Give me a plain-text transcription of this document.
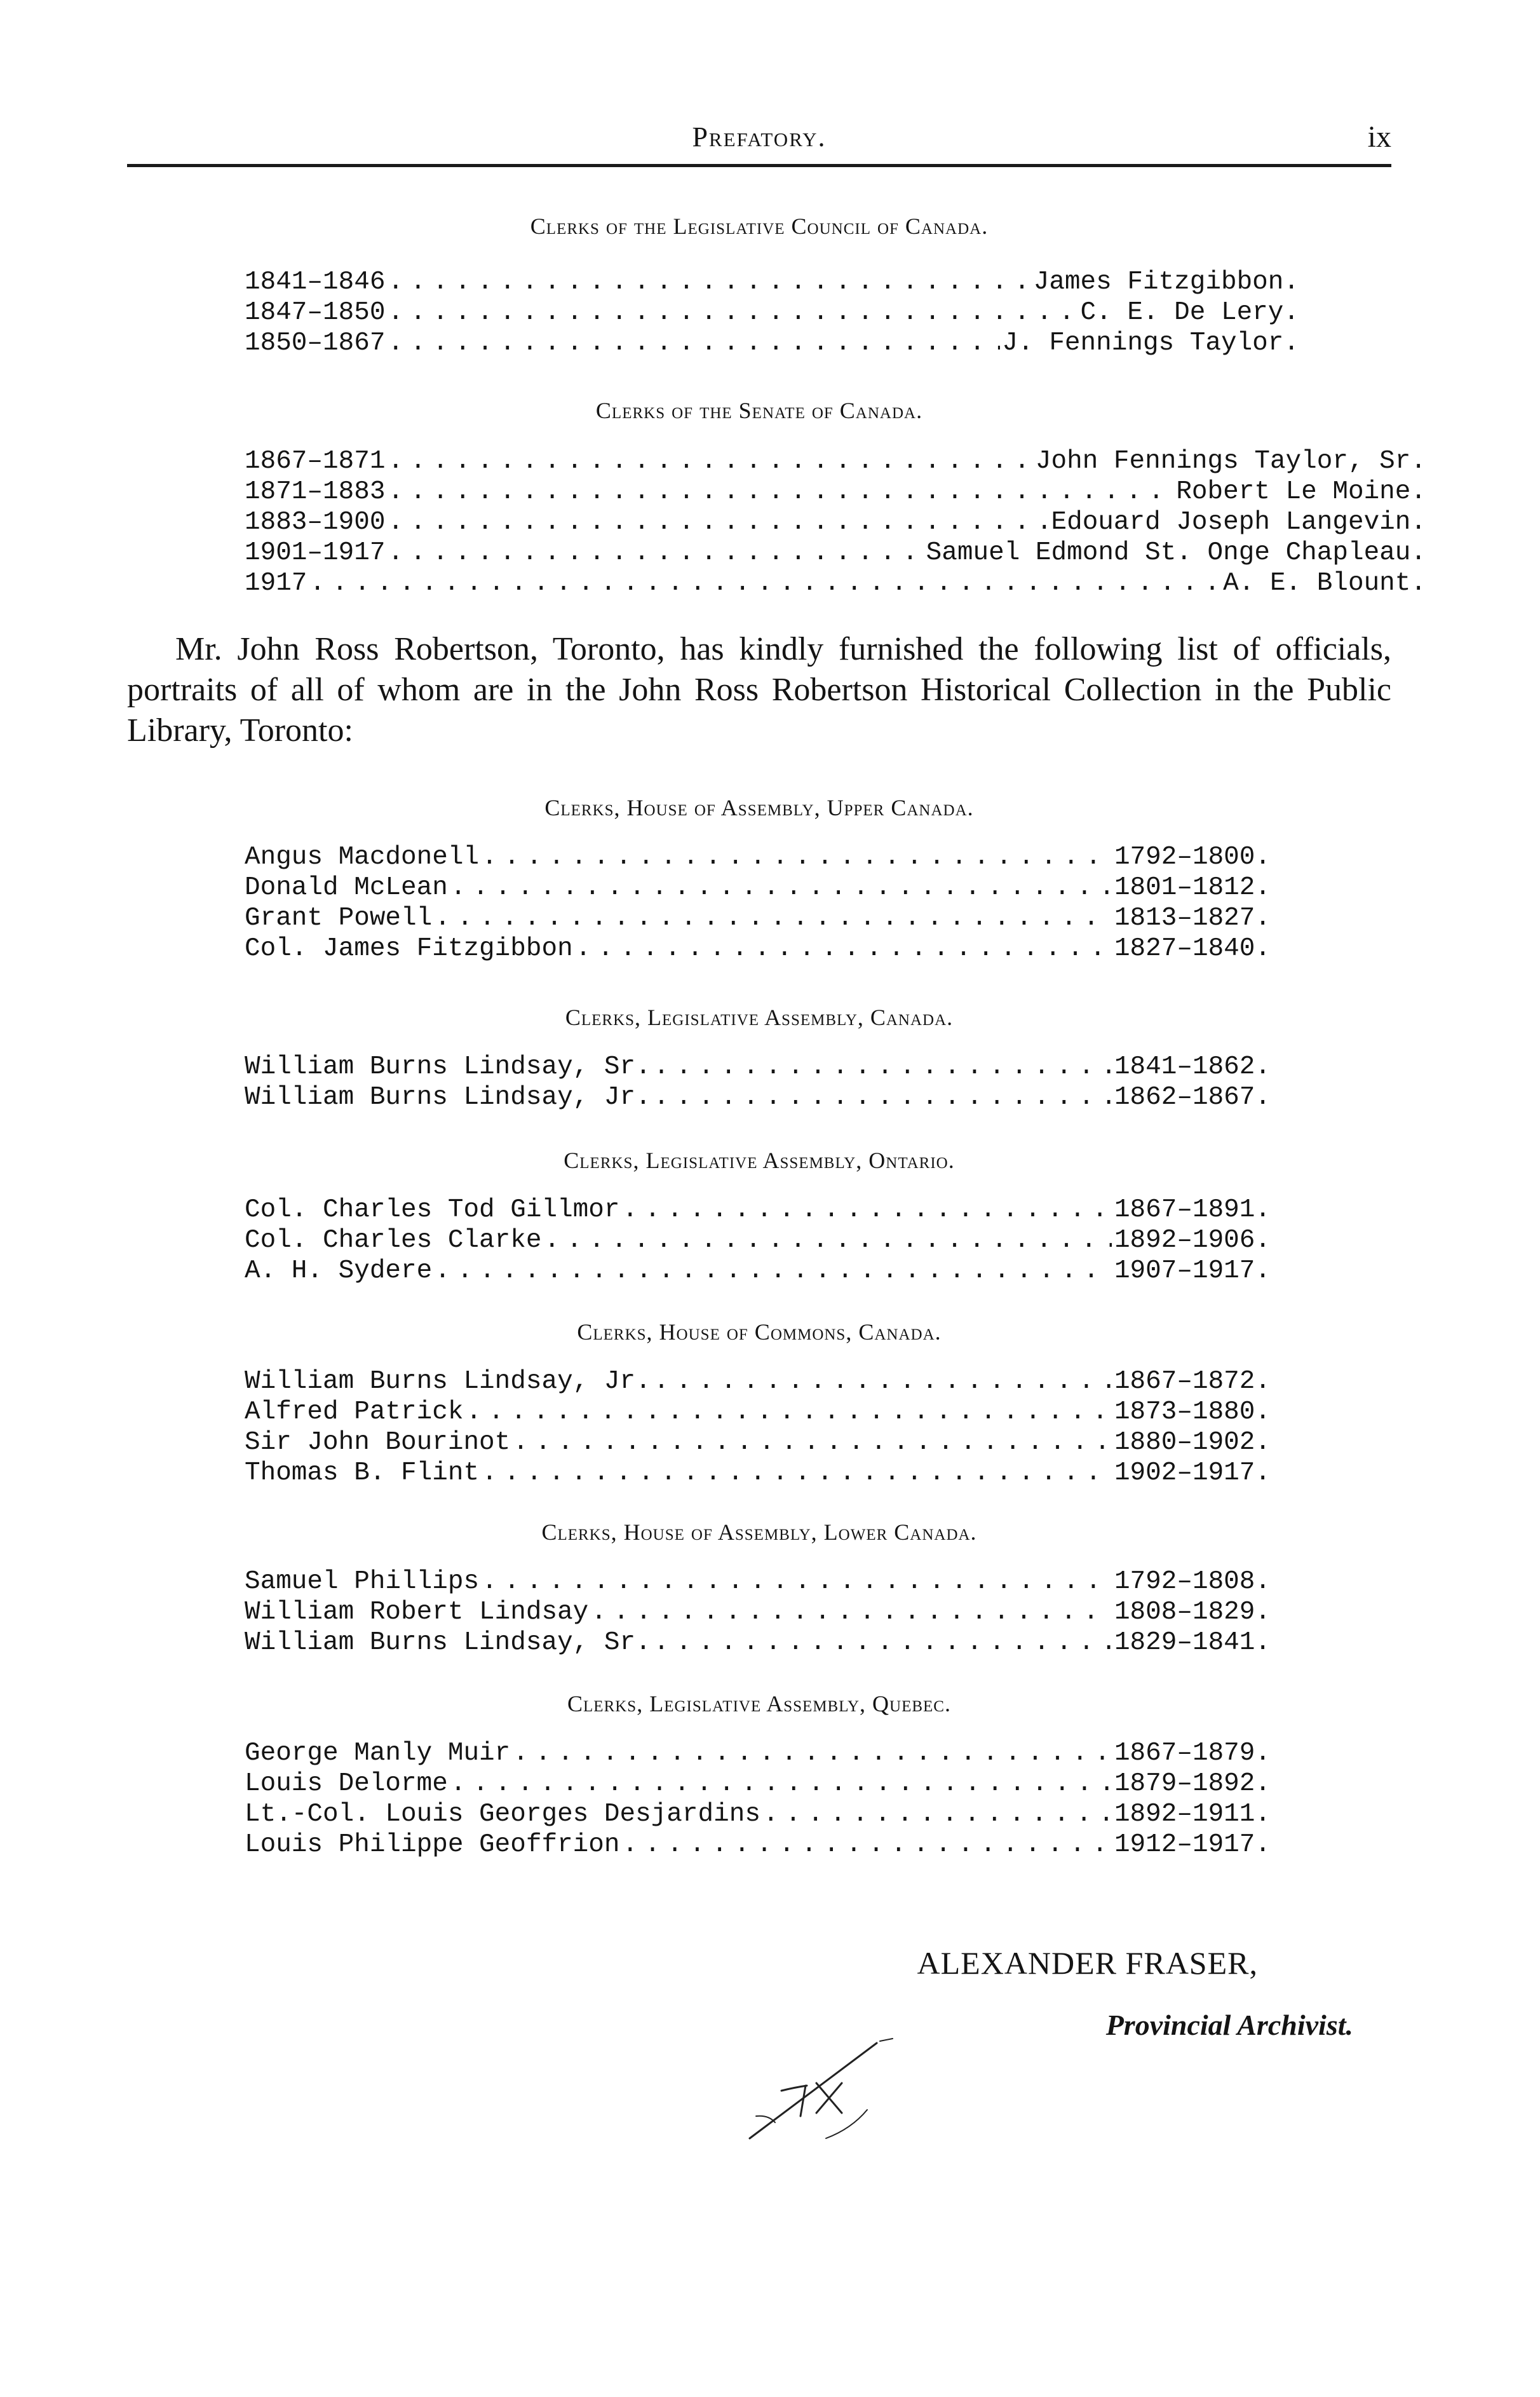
Prefatory.	ix
Clerks of the Legislative Council of Canada.
1841–1846 . . .	James Fitzgibbon.
1847–1850 . . .	C. E. De Lery.
1850–1867 . . .	J. Fennings Taylor.
Clerks of the Senate of Canada.
1867–1871 . . .	John Fennings Taylor, Sr.
1871–1883 . . .	Robert Le Moine.
1883–1900 . . .	Edouard Joseph Langevin.
1901–1917 . . .	Samuel Edmond St. Onge Chapleau.
1917 . . .	A. E. Blount.
Mr. John Ross Robertson, Toronto, has kindly furnished the following list of officials, portraits of all of whom are in the John Ross Robertson Historical Collection in the Public Library, Toronto:
Clerks, House of Assembly, Upper Canada.
Angus Macdonell . . .	1792–1800.
Donald McLean . . .	1801–1812.
Grant Powell . . .	1813–1827.
Col. James Fitzgibbon . . .	1827–1840.
Clerks, Legislative Assembly, Canada.
William Burns Lindsay, Sr. . . .	1841–1862.
William Burns Lindsay, Jr. . . .	1862–1867.
Clerks, Legislative Assembly, Ontario.
Col. Charles Tod Gillmor . . .	1867–1891.
Col. Charles Clarke . . .	1892–1906.
A. H. Sydere . . .	1907–1917.
Clerks, House of Commons, Canada.
William Burns Lindsay, Jr. . . .	1867–1872.
Alfred Patrick . . .	1873–1880.
Sir John Bourinot . . .	1880–1902.
Thomas B. Flint . . .	1902–1917.
Clerks, House of Assembly, Lower Canada.
Samuel Phillips . . .	1792–1808.
William Robert Lindsay . . .	1808–1829.
William Burns Lindsay, Sr. . . .	1829–1841.
Clerks, Legislative Assembly, Quebec.
George Manly Muir . . .	1867–1879.
Louis Delorme . . .	1879–1892.
Lt.-Col. Louis Georges Desjardins . . .	1892–1911.
Louis Philippe Geoffrion . . .	1912–1917.
ALEXANDER FRASER,
Provincial Archivist.
